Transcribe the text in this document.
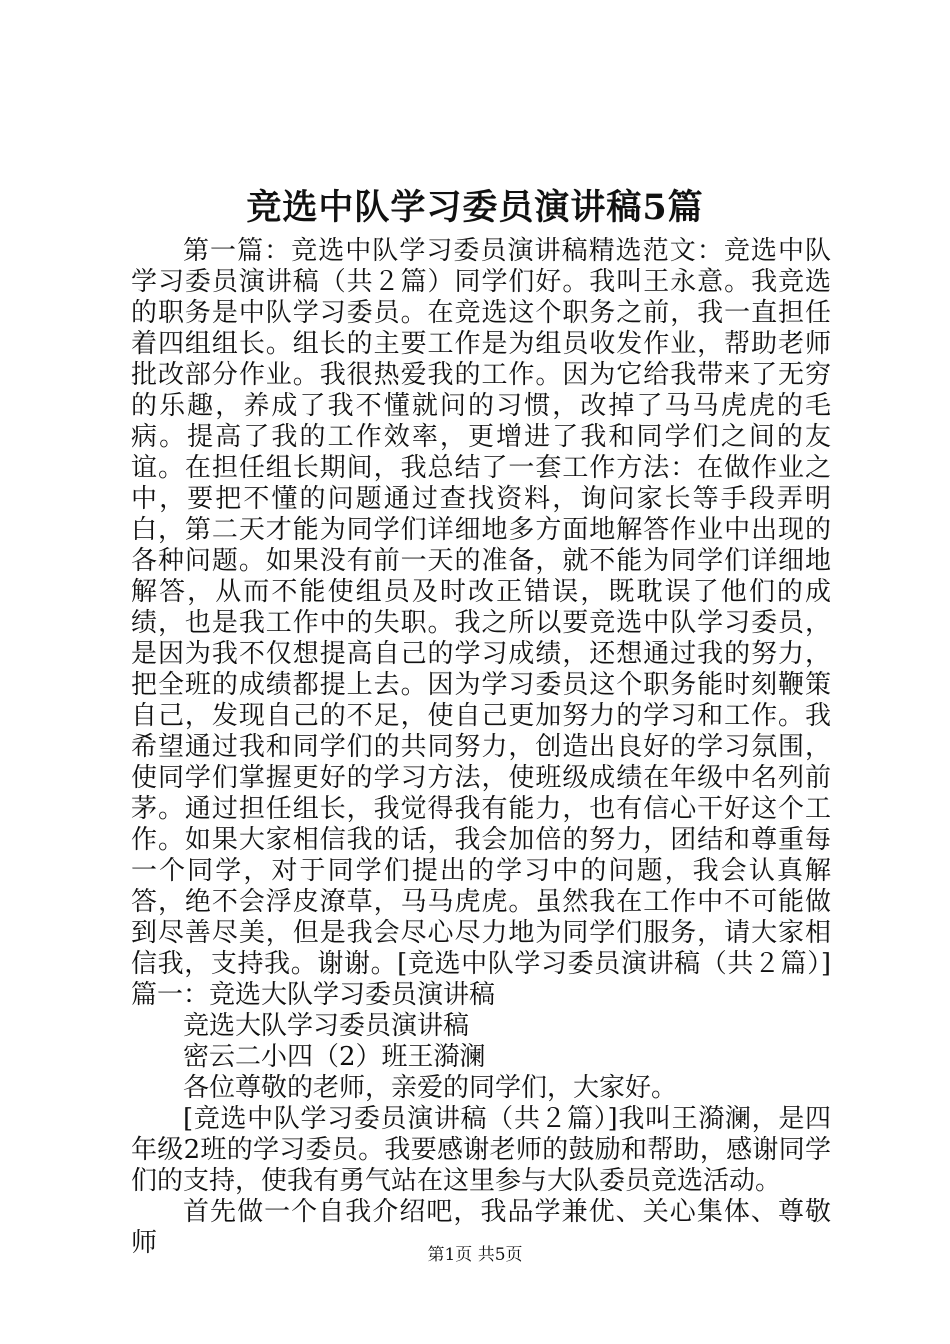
竞选中队学习委员演讲稿5篇

第一篇：竞选中队学习委员演讲稿精选范文：竞选中队学习委员演讲稿（共２篇）同学们好。我叫王永意。我竞选的职务是中队学习委员。在竞选这个职务之前，我一直担任着四组组长。组长的主要工作是为组员收发作业，帮助老师批改部分作业。我很热爱我的工作。因为它给我带来了无穷的乐趣，养成了我不懂就问的习惯，改掉了马马虎虎的毛病。提高了我的工作效率，更增进了我和同学们之间的友谊。在担任组长期间，我总结了一套工作方法：在做作业之中，要把不懂的问题通过查找资料，询问家长等手段弄明白，第二天才能为同学们详细地多方面地解答作业中出现的各种问题。如果没有前一天的准备，就不能为同学们详细地解答，从而不能使组员及时改正错误，既耽误了他们的成绩，也是我工作中的失职。我之所以要竞选中队学习委员，是因为我不仅想提高自己的学习成绩，还想通过我的努力，把全班的成绩都提上去。因为学习委员这个职务能时刻鞭策自己，发现自己的不足，使自己更加努力的学习和工作。我希望通过我和同学们的共同努力，创造出良好的学习氛围，使同学们掌握更好的学习方法，使班级成绩在年级中名列前茅。通过担任组长，我觉得我有能力，也有信心干好这个工作。如果大家相信我的话，我会加倍的努力，团结和尊重每一个同学，对于同学们提出的学习中的问题，我会认真解答，绝不会浮皮潦草，马马虎虎。虽然我在工作中不可能做到尽善尽美，但是我会尽心尽力地为同学们服务，请大家相信我，支持我。谢谢。[竞选中队学习委员演讲稿（共２篇）]篇一：竞选大队学习委员演讲稿

竞选大队学习委员演讲稿

密云二小四（2）班王漪澜

各位尊敬的老师，亲爱的同学们，大家好。

[竞选中队学习委员演讲稿（共２篇）]我叫王漪澜，是四年级2班的学习委员。我要感谢老师的鼓励和帮助，感谢同学们的支持，使我有勇气站在这里参与大队委员竞选活动。

首先做一个自我介绍吧，我品学兼优、关心集体、尊敬师	第1页 共5页
